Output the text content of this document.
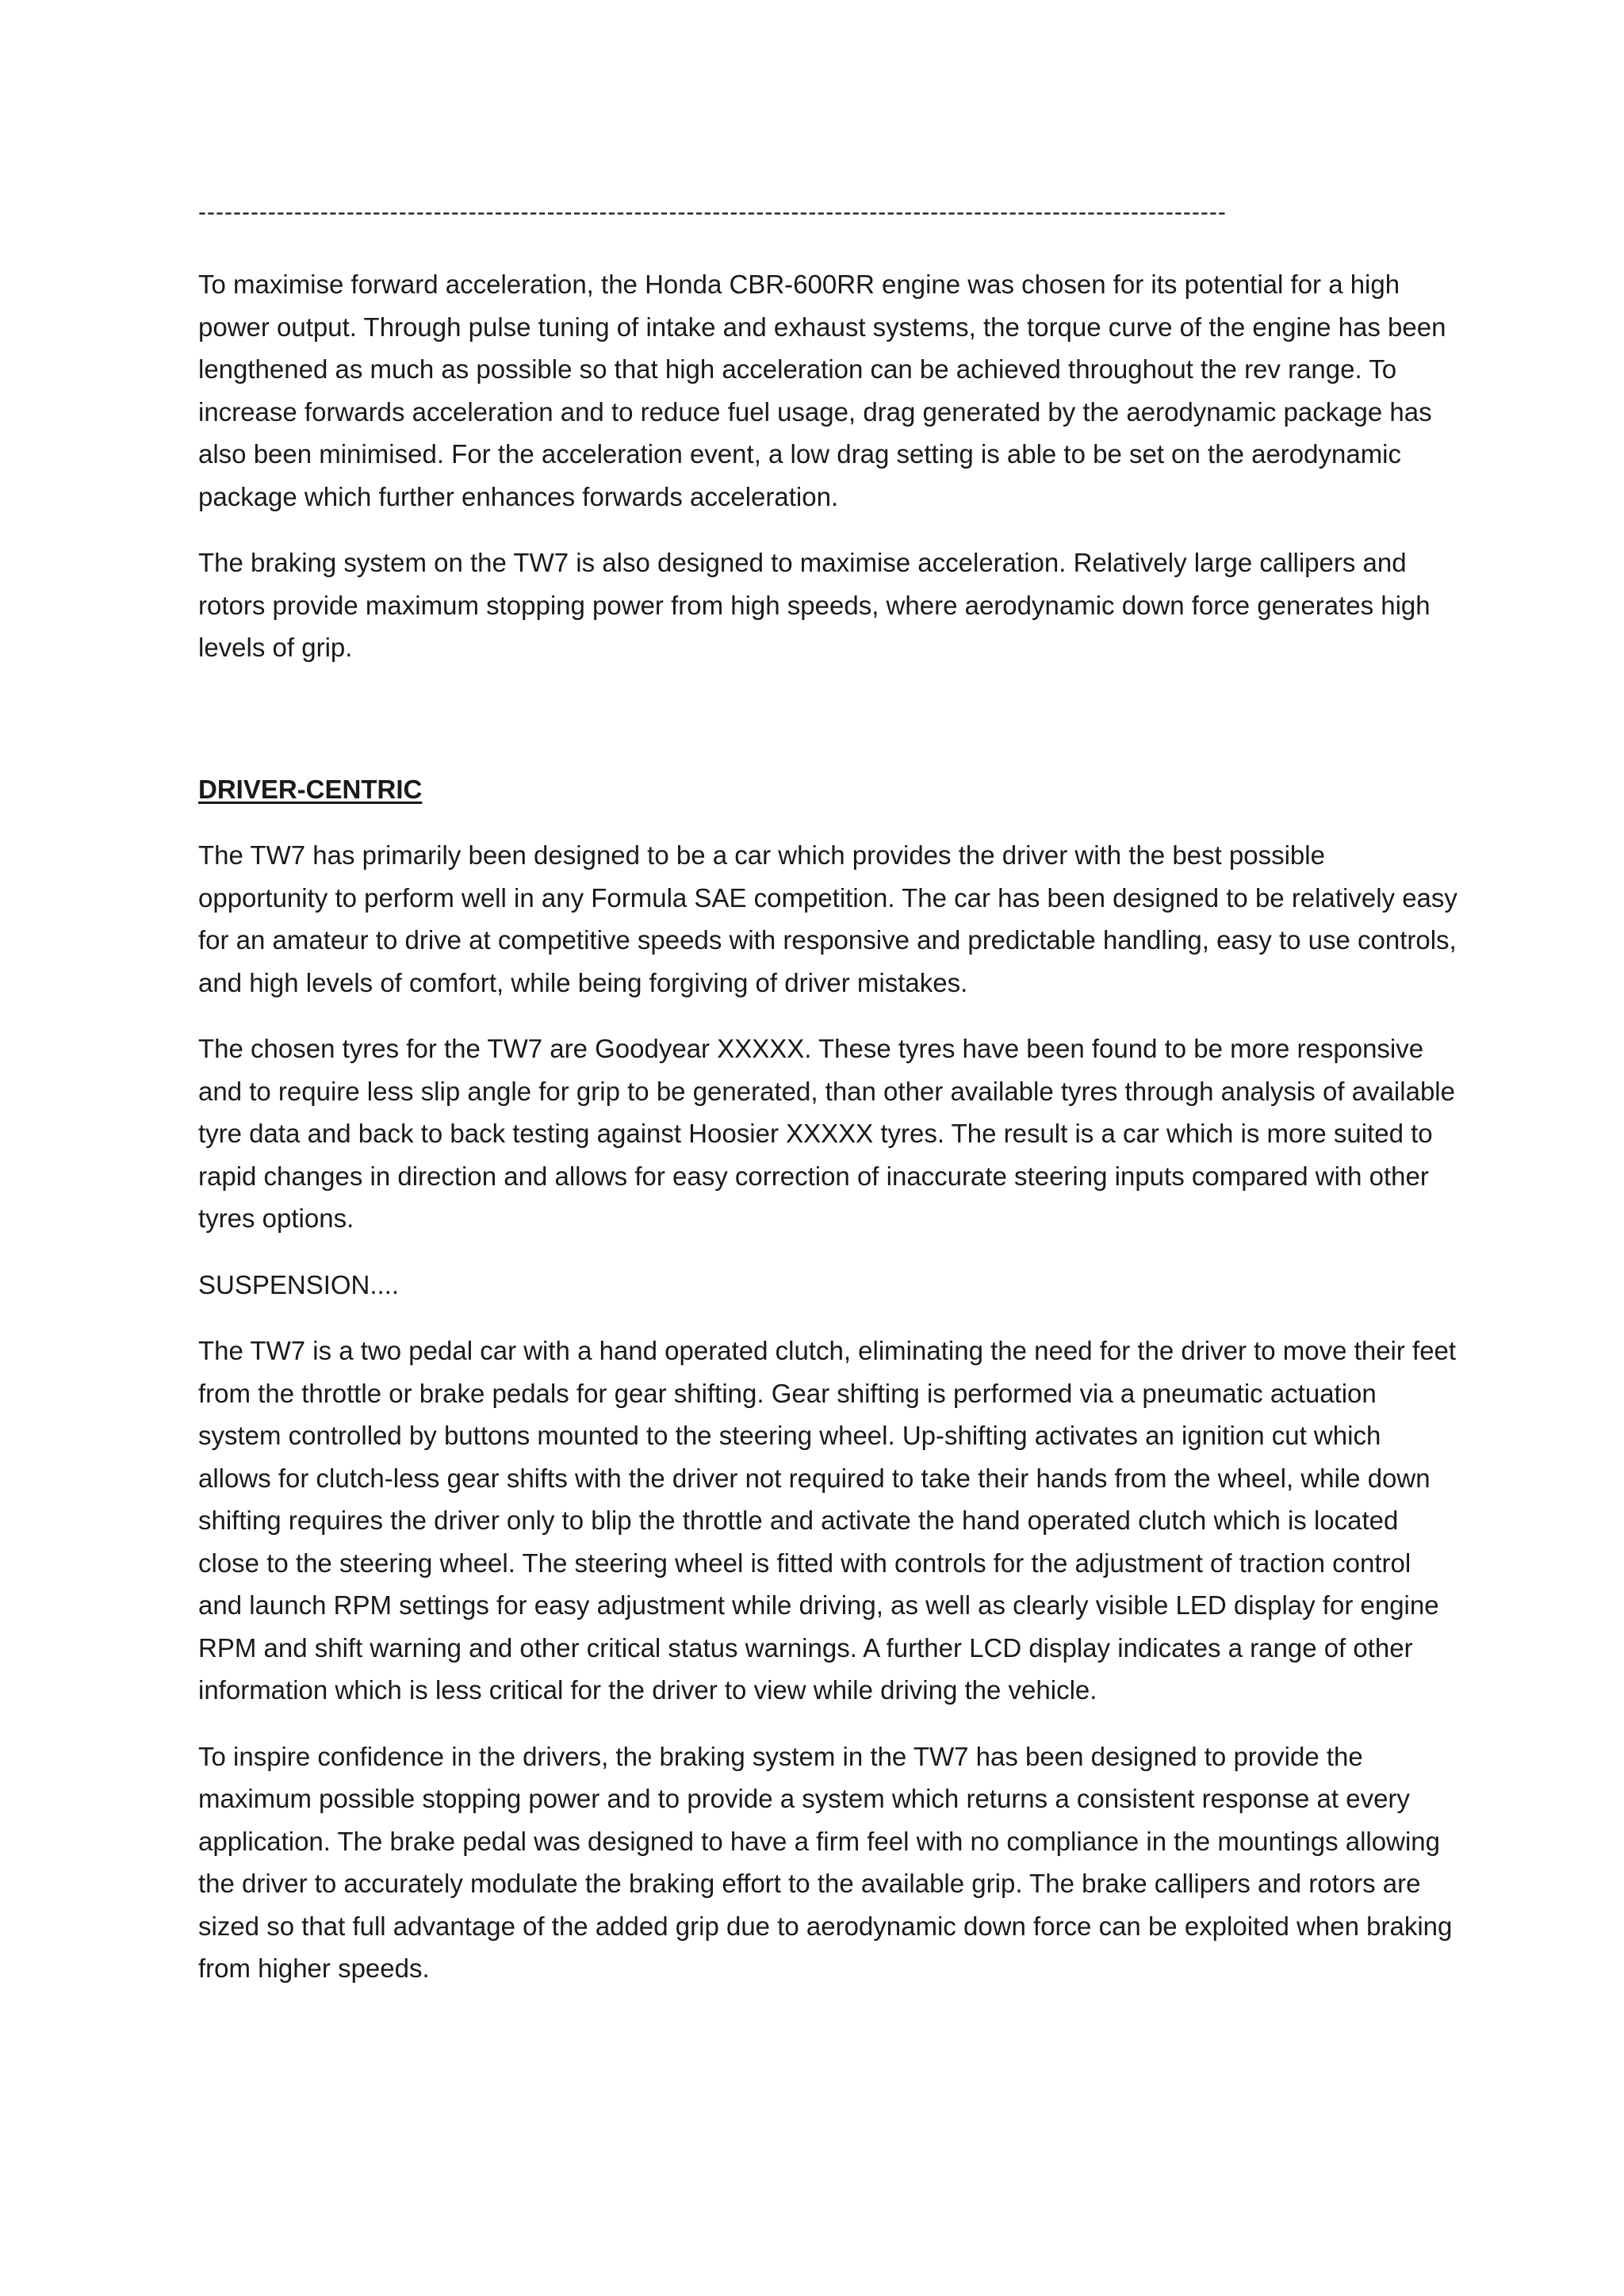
----------------------------------------------------------------------------------------------------------------------

To maximise forward acceleration, the Honda CBR-600RR engine was chosen for its potential for a high power output. Through pulse tuning of intake and exhaust systems, the torque curve of the engine has been lengthened as much as possible so that high acceleration can be achieved throughout the rev range. To increase forwards acceleration and to reduce fuel usage, drag generated by the aerodynamic package has also been minimised. For the acceleration event, a low drag setting is able to be set on the aerodynamic package which further enhances forwards acceleration.

The braking system on the TW7 is also designed to maximise acceleration. Relatively large callipers and rotors provide maximum stopping power from high speeds, where aerodynamic down force generates high levels of grip.

DRIVER-CENTRIC

The TW7 has primarily been designed to be a car which provides the driver with the best possible opportunity to perform well in any Formula SAE competition. The car has been designed to be relatively easy for an amateur to drive at competitive speeds with responsive and predictable handling, easy to use controls, and high levels of comfort, while being forgiving of driver mistakes.

The chosen tyres for the TW7 are Goodyear XXXXX. These tyres have been found to be more responsive and to require less slip angle for grip to be generated, than other available tyres through analysis of available tyre data and back to back testing against Hoosier XXXXX tyres. The result is a car which is more suited to rapid changes in direction and allows for easy correction of inaccurate steering inputs compared with other tyres options.

SUSPENSION....

The TW7 is a two pedal car with a hand operated clutch, eliminating the need for the driver to move their feet from the throttle or brake pedals for gear shifting. Gear shifting is performed via a pneumatic actuation system controlled by buttons mounted to the steering wheel. Up-shifting activates an ignition cut which allows for clutch-less gear shifts with the driver not required to take their hands from the wheel, while down shifting requires the driver only to blip the throttle and activate the hand operated clutch which is located close to the steering wheel. The steering wheel is fitted with controls for the adjustment of traction control and launch RPM settings for easy adjustment while driving, as well as clearly visible LED display for engine RPM and shift warning and other critical status warnings. A further LCD display indicates a range of other information which is less critical for the driver to view while driving the vehicle.

To inspire confidence in the drivers, the braking system in the TW7 has been designed to provide the maximum possible stopping power and to provide a system which returns a consistent response at every application. The brake pedal was designed to have a firm feel with no compliance in the mountings allowing the driver to accurately modulate the braking effort to the available grip. The brake callipers and rotors are sized so that full advantage of the added grip due to aerodynamic down force can be exploited when braking from higher speeds.
